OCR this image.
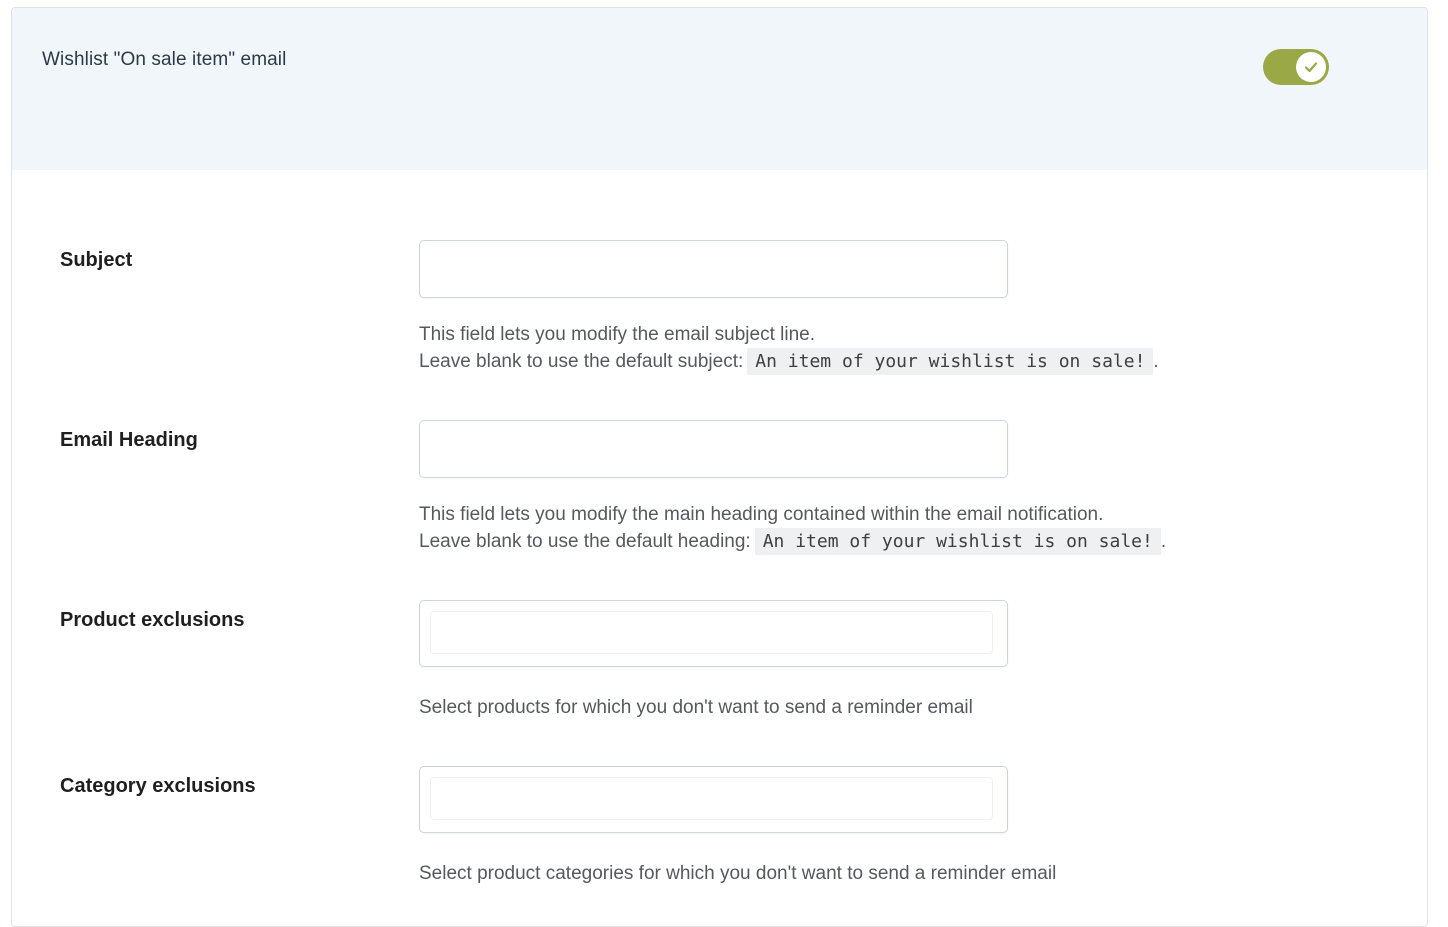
Wishlist "On sale item" email
Subject
This field lets you modify the email subject line.
Leave blank to use the default subject: An item of your wishlist is on sale! .
Email Heading
This field lets you modify the main heading contained within the email notification.
Leave blank to use the default heading: An item of your wishlist is on sale! .
Product exclusions
Select products for which you don't want to send a reminder email
Category exclusions
Select product categories for which you don't want to send a reminder email
